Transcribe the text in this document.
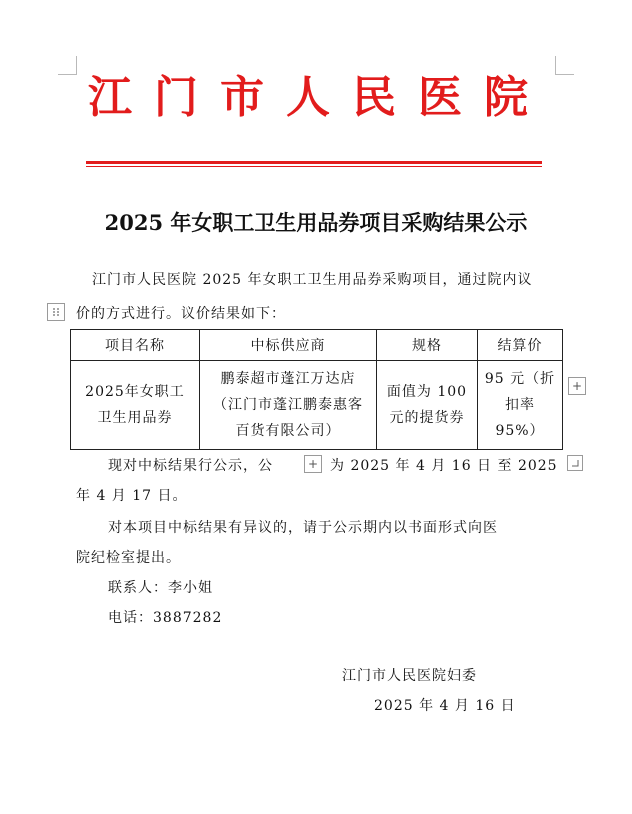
江门市人民医院
2025 年女职工卫生用品券项目采购结果公示
江门市人民医院 2025 年女职工卫生用品券采购项目，通过院内议
价的方式进行。议价结果如下：
项目名称	中标供应商	规格	结算价
2025年女职工卫生用品券	鹏泰超市蓬江万达店（江门市蓬江鹏泰惠客百货有限公司）	面值为 100 元的提货券	95 元（折扣率 95%）
+
现对中标结果行公示，公	+ 为 2025 年 4 月 16 日 至 2025
年 4 月 17 日。
对本项目中标结果有异议的，请于公示期内以书面形式向医
院纪检室提出。
联系人：李小姐
电话：3887282
江门市人民医院妇委
2025 年 4 月 16 日
